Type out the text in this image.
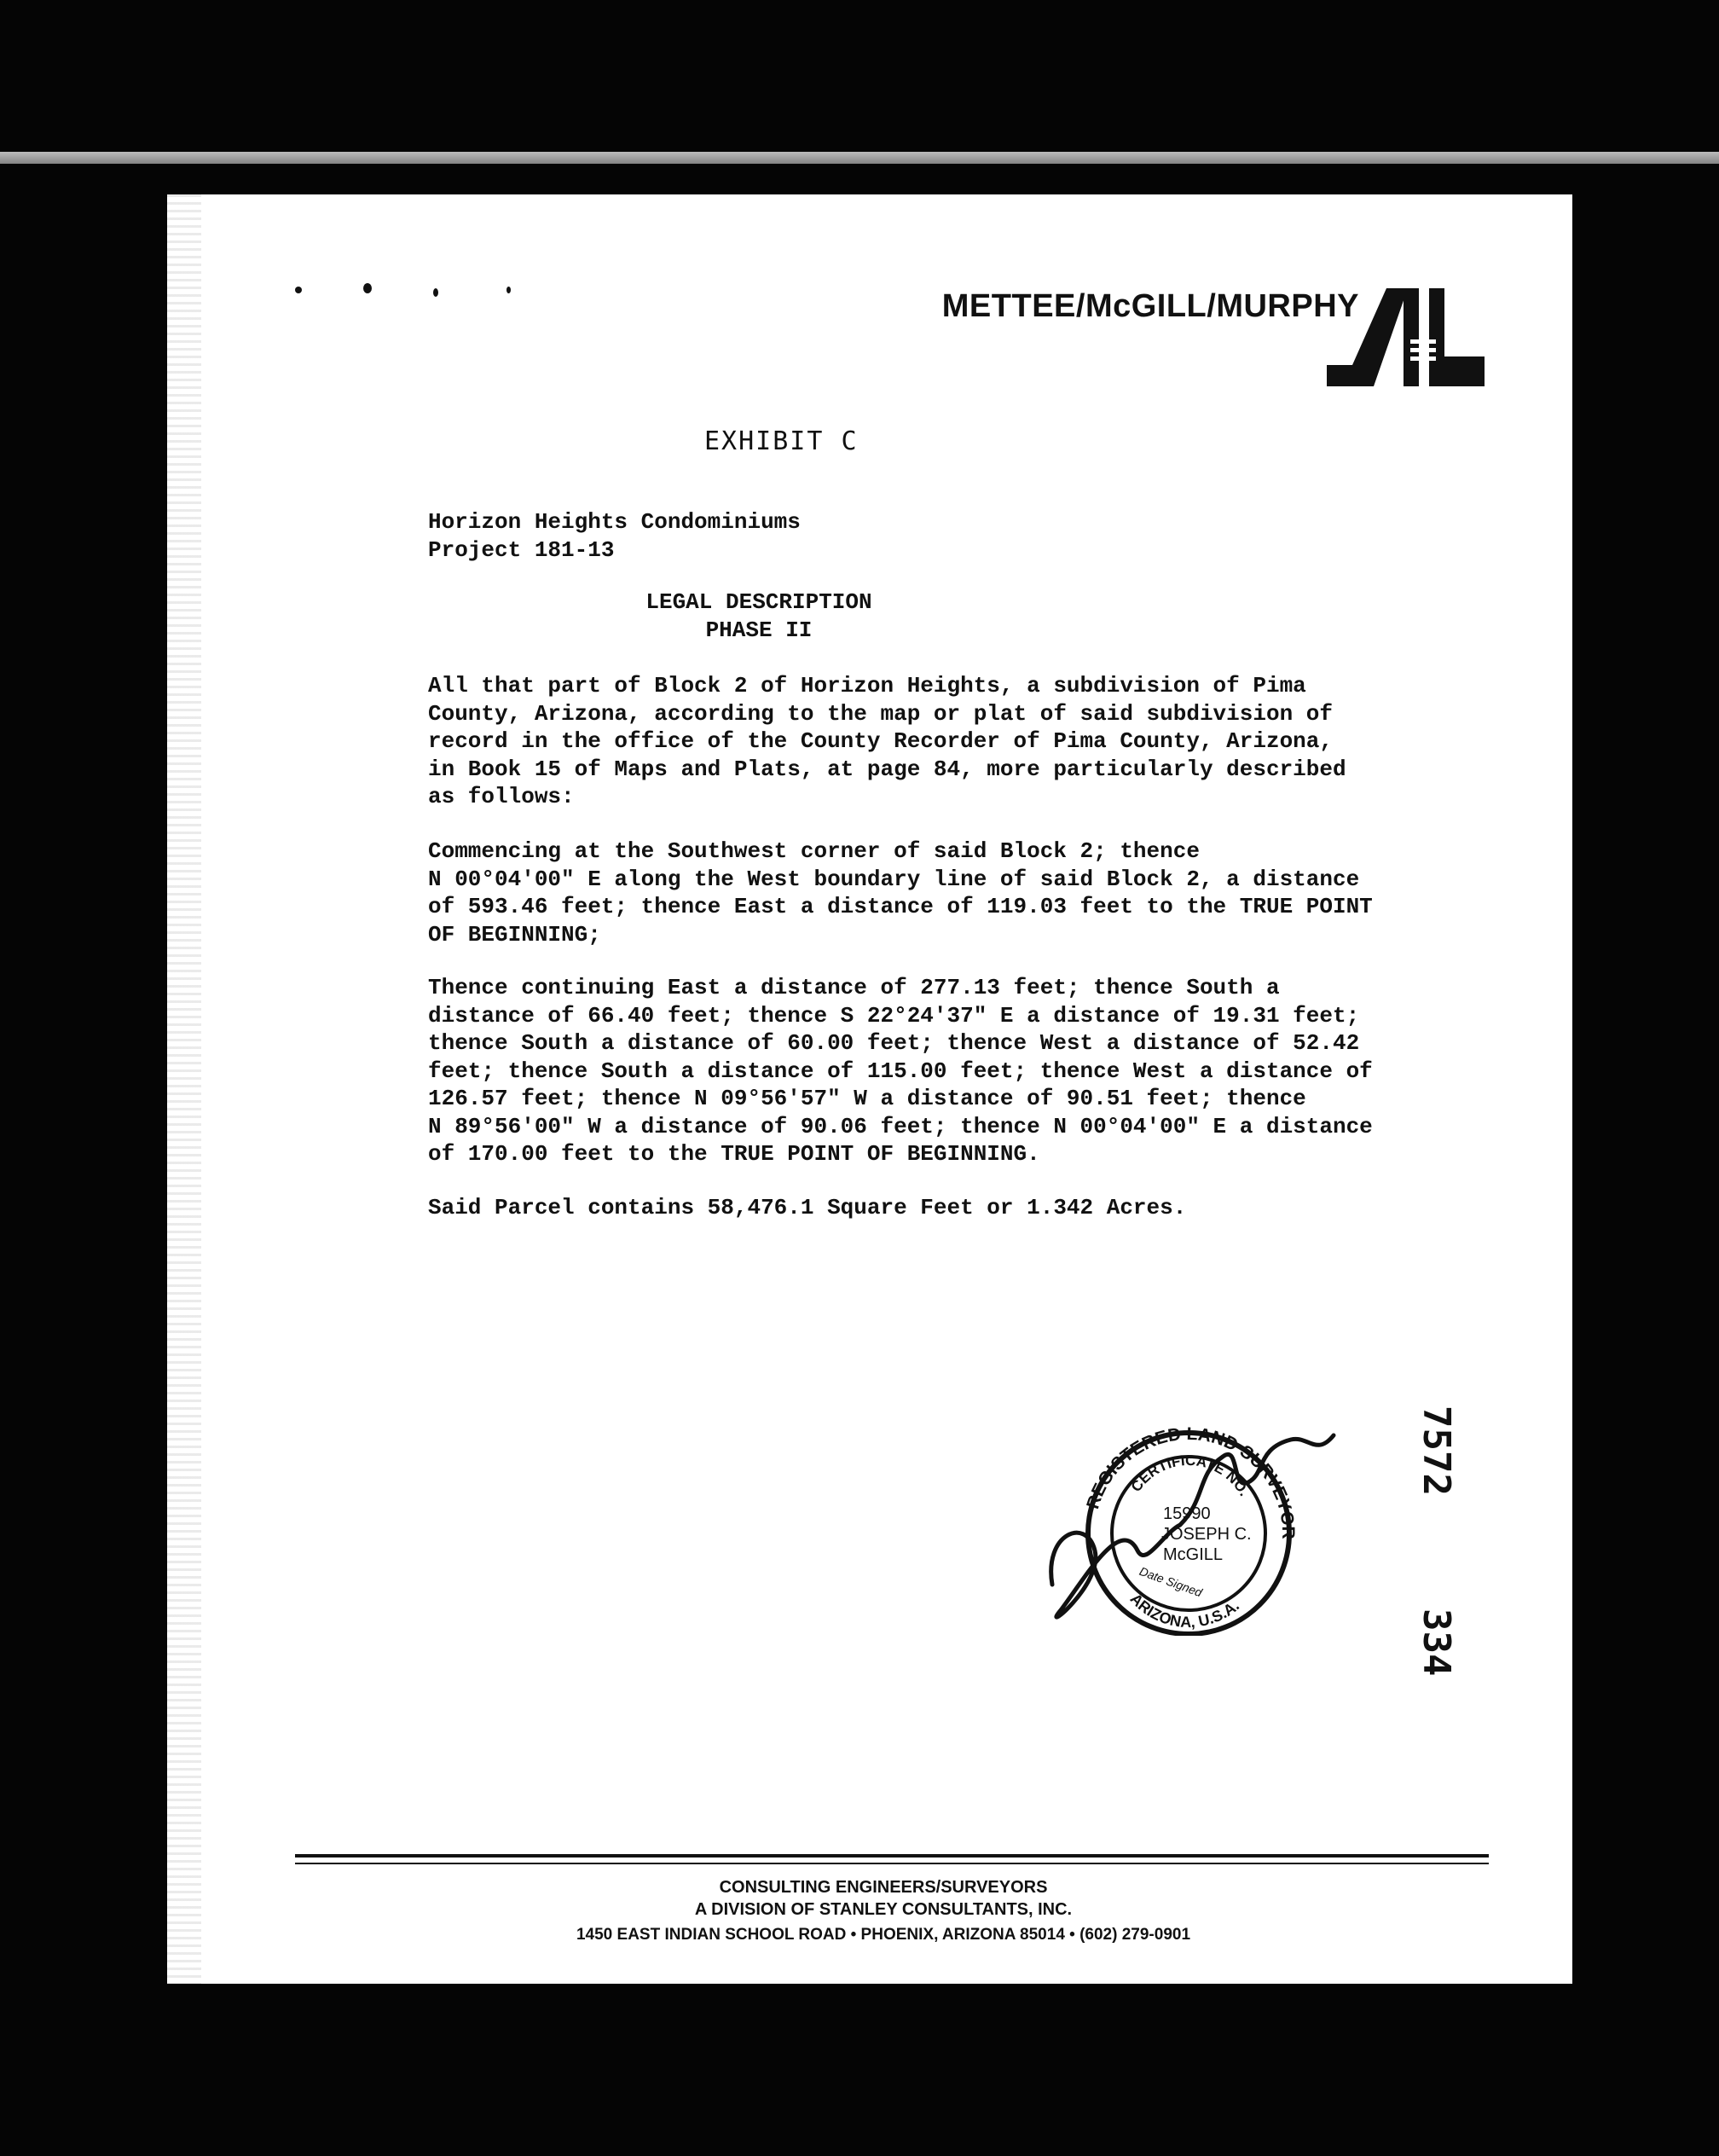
METTEE/McGILL/MURPHY
EXHIBIT C
Horizon Heights Condominiums
Project 181-13
LEGAL DESCRIPTION
PHASE II

All that part of Block 2 of Horizon Heights, a subdivision of Pima
County, Arizona, according to the map or plat of said subdivision of
record in the office of the County Recorder of Pima County, Arizona,
in Book 15 of Maps and Plats, at page 84, more particularly described
as follows:

Commencing at the Southwest corner of said Block 2; thence
N 00°04'00" E along the West boundary line of said Block 2, a distance
of 593.46 feet; thence East a distance of 119.03 feet to the TRUE POINT
OF BEGINNING;

Thence continuing East a distance of 277.13 feet; thence South a
distance of 66.40 feet; thence S 22°24'37" E a distance of 19.31 feet;
thence South a distance of 60.00 feet; thence West a distance of 52.42
feet; thence South a distance of 115.00 feet; thence West a distance of
126.57 feet; thence N 09°56'57" W a distance of 90.51 feet; thence
N 89°56'00" W a distance of 90.06 feet; thence N 00°04'00" E a distance
of 170.00 feet to the TRUE POINT OF BEGINNING.

Said Parcel contains 58,476.1 Square Feet or 1.342 Acres.

REGISTERED LAND SURVEYOR
CERTIFICATE NO.
ARIZONA, U.S.A.
15990
JOSEPH C.
McGILL
Date Signed
7572
334
CONSULTING ENGINEERS/SURVEYORS
A DIVISION OF STANLEY CONSULTANTS, INC.
1450 EAST INDIAN SCHOOL ROAD • PHOENIX, ARIZONA 85014 • (602) 279-0901
